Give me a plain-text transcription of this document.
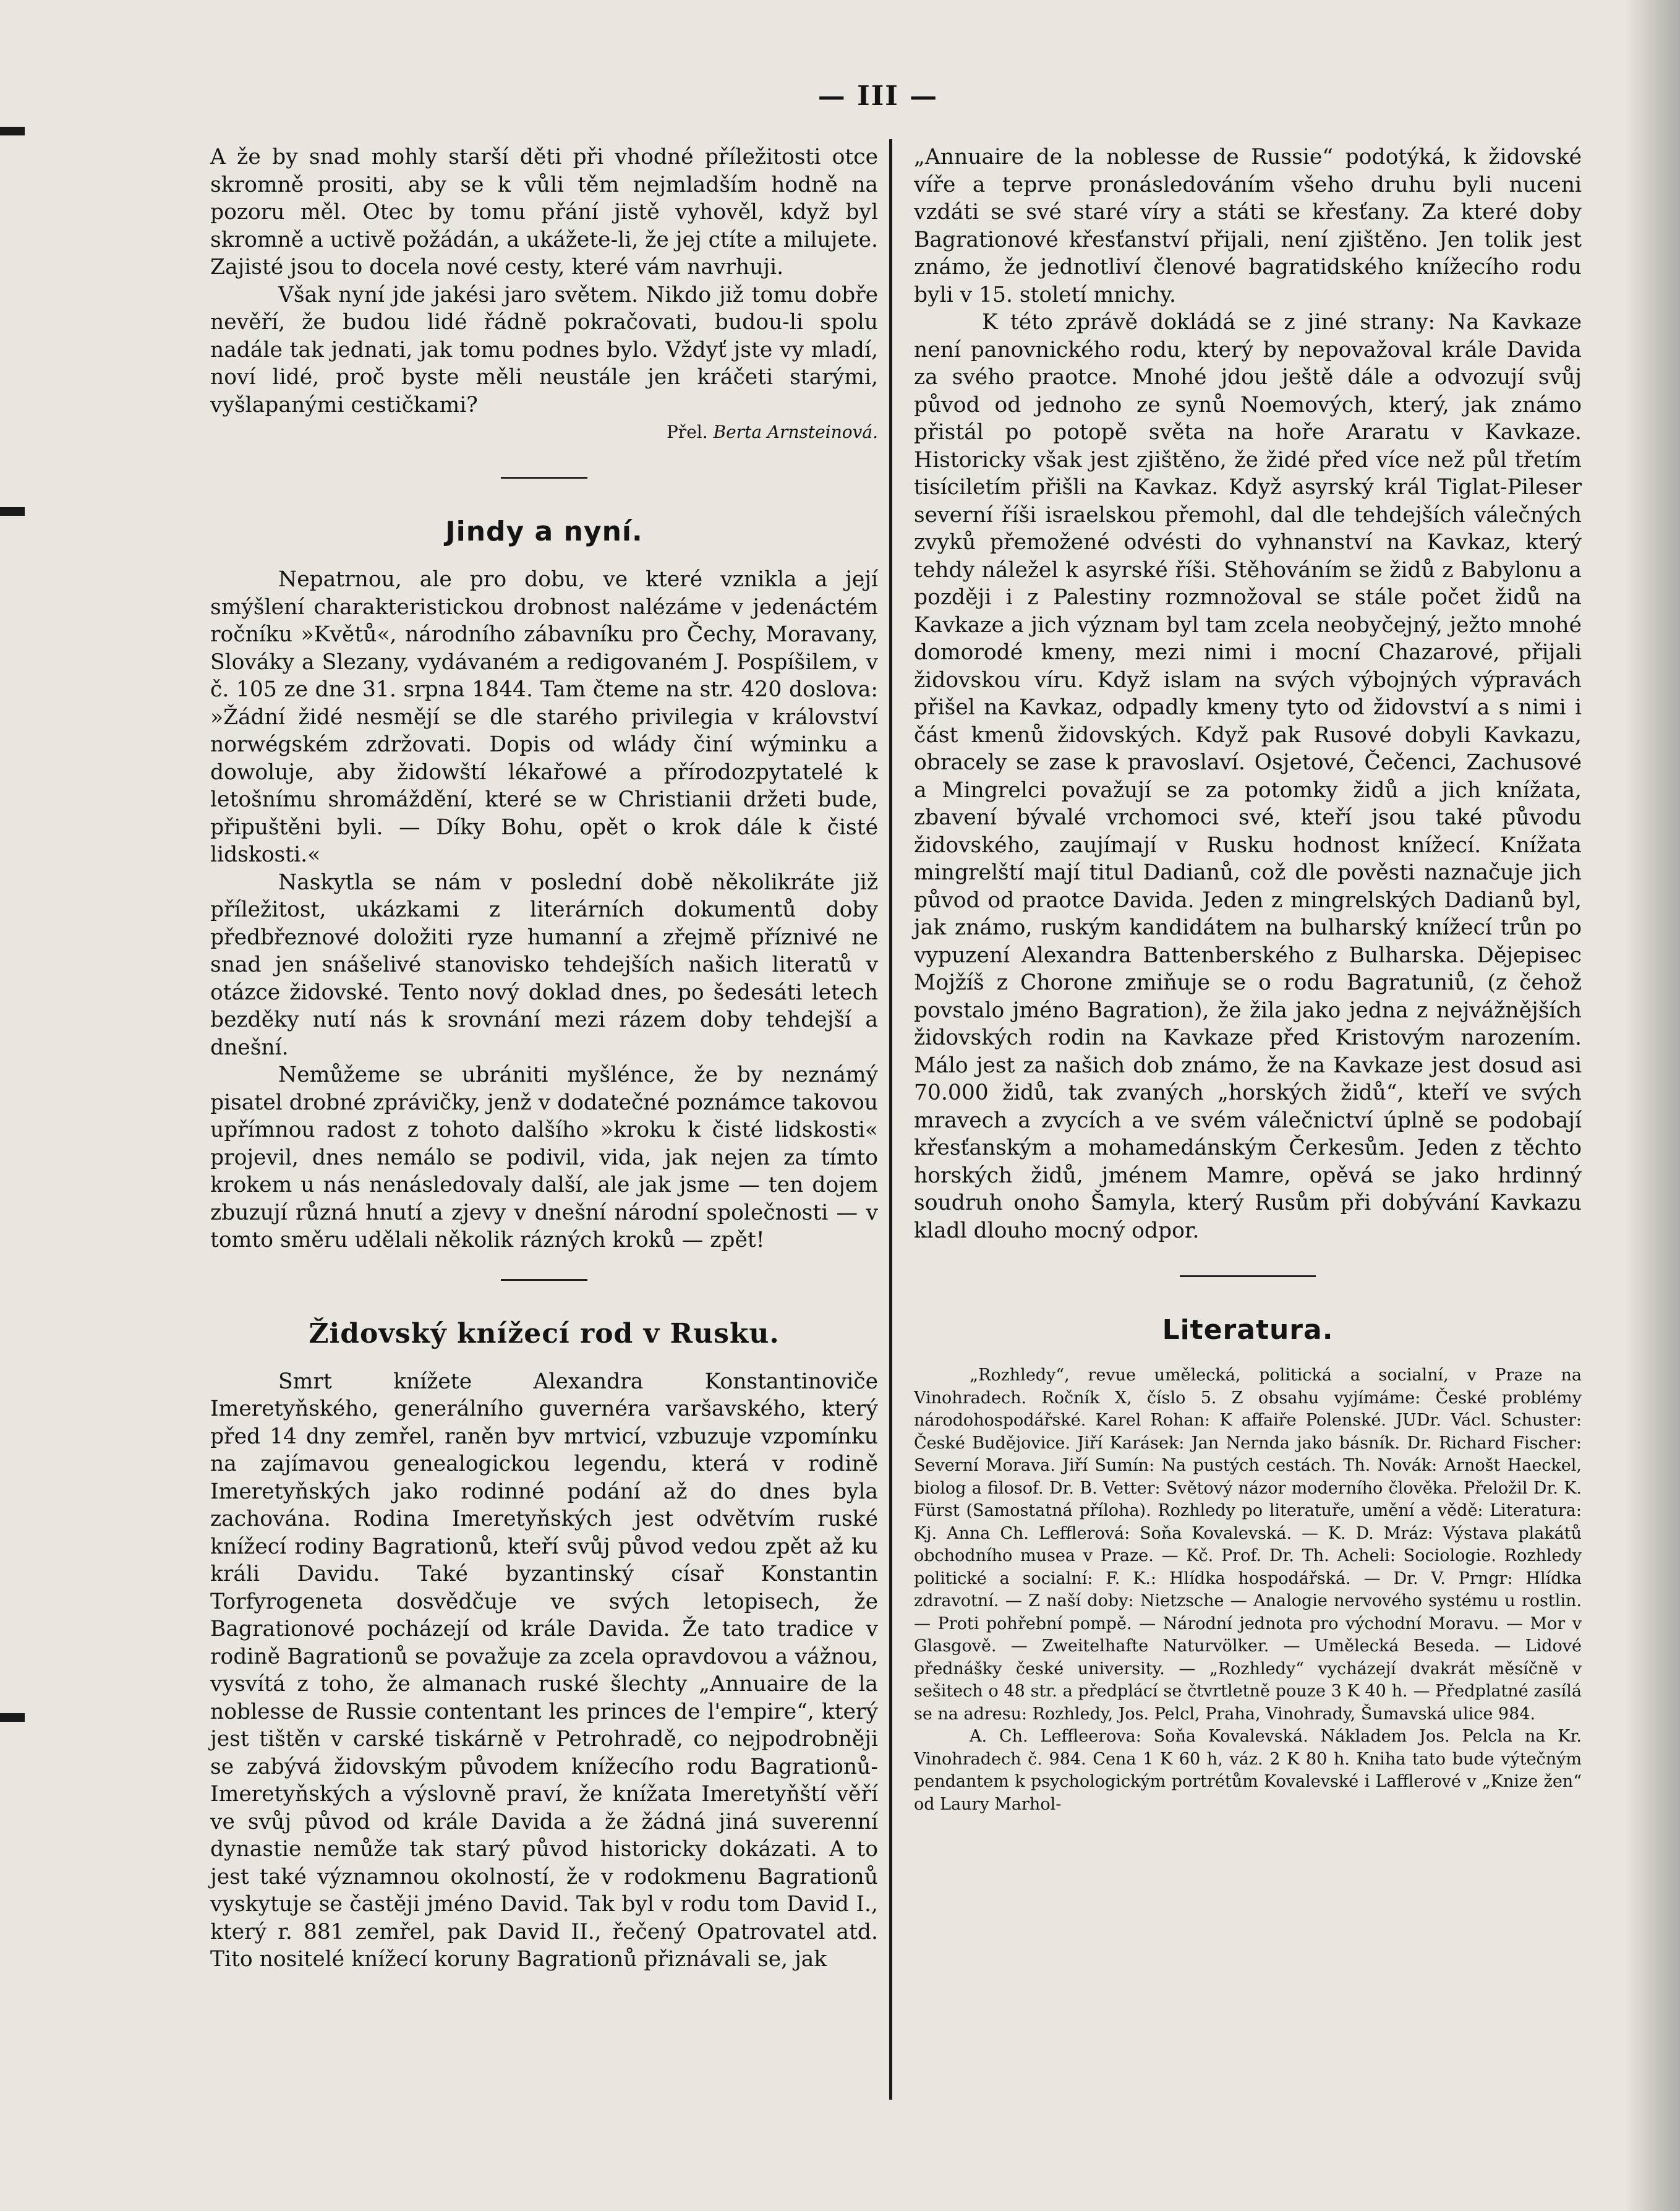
— III —

A že by snad mohly starší děti při vhodné příležitosti otce skromně prositi, aby se k vůli těm nejmladším hodně na pozoru měl. Otec by tomu přání jistě vyhověl, když byl skromně a uctivě požádán, a ukážete-li, že jej ctíte a milujete. Zajisté jsou to docela nové cesty, které vám navrhuji.

Však nyní jde jakési jaro světem. Nikdo již tomu dobře nevěří, že budou lidé řádně pokračovati, budou-li spolu nadále tak jednati, jak tomu podnes bylo. Vždyť jste vy mladí, noví lidé, proč byste měli neustále jen kráčeti starými, vyšlapanými cestičkami?

Přel. Berta Arnsteinová.
Jindy a nyní.

Nepatrnou, ale pro dobu, ve které vznikla a její smýšlení charakteristickou drobnost nalézáme v jedenáctém ročníku »Květů«, národního zábavníku pro Čechy, Moravany, Slováky a Slezany, vydávaném a redigovaném J. Pospíšilem, v č. 105 ze dne 31. srpna 1844. Tam čteme na str. 420 doslova: »Žádní židé nesmějí se dle starého privilegia v království norwégském zdržovati. Dopis od wlády činí wýminku a dowoluje, aby židowští lékařowé a přírodozpytatelé k letošnímu shromáždění, které se w Christianii držeti bude, připuštěni byli. — Díky Bohu, opět o krok dále k čisté lidskosti.«

Naskytla se nám v poslední době několikráte již příležitost, ukázkami z literárních dokumentů doby předbřeznové doložiti ryze humanní a zřejmě příznivé ne snad jen snášelivé stanovisko tehdejších našich literatů v otázce židovské. Tento nový doklad dnes, po šedesáti letech bezděky nutí nás k srovnání mezi rázem doby tehdejší a dnešní.

Nemůžeme se ubrániti myšlénce, že by neznámý pisatel drobné zprávičky, jenž v dodatečné poznámce takovou upřímnou radost z tohoto dalšího »kroku k čisté lidskosti« projevil, dnes nemálo se podivil, vida, jak nejen za tímto krokem u nás nenásledovaly další, ale jak jsme — ten dojem zbuzují různá hnutí a zjevy v dnešní národní společnosti — v tomto směru udělali několik rázných kroků — zpět!

Židovský knížecí rod v Rusku.

Smrt knížete Alexandra Konstantinoviče Imeretyňského, generálního guvernéra varšavského, který před 14 dny zemřel, raněn byv mrtvicí, vzbuzuje vzpomínku na zajímavou genealogickou legendu, která v rodině Imeretyňských jako rodinné podání až do dnes byla zachována. Rodina Imeretyňských jest odvětvím ruské knížecí rodiny Bagrationů, kteří svůj původ vedou zpět až ku králi Davidu. Také byzantinský císař Konstantin Torfyrogeneta dosvědčuje ve svých letopisech, že Bagrationové pocházejí od krále Davida. Že tato tradice v rodině Bagrationů se považuje za zcela opravdovou a vážnou, vysvítá z toho, že almanach ruské šlechty „Annuaire de la noblesse de Russie contentant les princes de l'empire“, který jest tištěn v carské tiskárně v Petrohradě, co nejpodrobněji se zabývá židovským původem knížecího rodu Bagrationů-Imeretyňských a výslovně praví, že knížata Imeretyňští věří ve svůj původ od krále Davida a že žádná jiná suverenní dynastie nemůže tak starý původ historicky dokázati. A to jest také významnou okolností, že v rodokmenu Bagrationů vyskytuje se častěji jméno David. Tak byl v rodu tom David I., který r. 881 zemřel, pak David II., řečený Opatrovatel atd. Tito nositelé knížecí koruny Bagrationů přiznávali se, jak

„Annuaire de la noblesse de Russie“ podotýká, k židovské víře a teprve pronásledováním všeho druhu byli nuceni vzdáti se své staré víry a státi se křesťany. Za které doby Bagrationové křesťanství přijali, není zjištěno. Jen tolik jest známo, že jednotliví členové bagratidského knížecího rodu byli v 15. století mnichy.

K této zprávě dokládá se z jiné strany: Na Kavkaze není panovnického rodu, který by nepovažoval krále Davida za svého praotce. Mnohé jdou ještě dále a odvozují svůj původ od jednoho ze synů Noemových, který, jak známo přistál po potopě světa na hoře Araratu v Kavkaze. Historicky však jest zjištěno, že židé před více než půl třetím tisíciletím přišli na Kavkaz. Když asyrský král Tiglat-Pileser severní říši israelskou přemohl, dal dle tehdejších válečných zvyků přemožené odvésti do vyhnanství na Kavkaz, který tehdy náležel k asyrské říši. Stěhováním se židů z Babylonu a později i z Palestiny rozmnožoval se stále počet židů na Kavkaze a jich význam byl tam zcela neobyčejný, ježto mnohé domorodé kmeny, mezi nimi i mocní Chazarové, přijali židovskou víru. Když islam na svých výbojných výpravách přišel na Kavkaz, odpadly kmeny tyto od židovství a s nimi i část kmenů židovských. Když pak Rusové dobyli Kavkazu, obracely se zase k pravoslaví. Osjetové, Čečenci, Zachusové a Mingrelci považují se za potomky židů a jich knížata, zbavení bývalé vrchomoci své, kteří jsou také původu židovského, zaujímají v Rusku hodnost knížecí. Knížata mingrelští mají titul Dadianů, což dle pověsti naznačuje jich původ od praotce Davida. Jeden z mingrelských Dadianů byl, jak známo, ruským kandidátem na bulharský knížecí trůn po vypuzení Alexandra Battenberského z Bulharska. Dějepisec Mojžíš z Chorone zmiňuje se o rodu Bagratuniů, (z čehož povstalo jméno Bagration), že žila jako jedna z nejvážnějších židovských rodin na Kavkaze před Kristovým narozením. Málo jest za našich dob známo, že na Kavkaze jest dosud asi 70.000 židů, tak zvaných „horských židů“, kteří ve svých mravech a zvycích a ve svém válečnictví úplně se podobají křesťanským a mohamedánským Čerkesům. Jeden z těchto horských židů, jménem Mamre, opěvá se jako hrdinný soudruh onoho Šamyla, který Rusům při dobývání Kavkazu kladl dlouho mocný odpor.

Literatura.

„Rozhledy“, revue umělecká, politická a socialní, v Praze na Vinohradech. Ročník X, číslo 5. Z obsahu vyjímáme: České problémy národohospodářské. Karel Rohan: K affaiře Polenské. JUDr. Václ. Schuster: České Budějovice. Jiří Karásek: Jan Nernda jako básník. Dr. Richard Fischer: Severní Morava. Jiří Sumín: Na pustých cestách. Th. Novák: Arnošt Haeckel, biolog a filosof. Dr. B. Vetter: Světový názor moderního člověka. Přeložil Dr. K. Fürst (Samostatná příloha). Rozhledy po literatuře, umění a vědě: Literatura: Kj. Anna Ch. Lefflerová: Soňa Kovalevská. — K. D. Mráz: Výstava plakátů obchodního musea v Praze. — Kč. Prof. Dr. Th. Acheli: Sociologie. Rozhledy politické a socialní: F. K.: Hlídka hospodářská. — Dr. V. Prngr: Hlídka zdravotní. — Z naší doby: Nietzsche — Analogie nervového systému u rostlin. — Proti pohřební pompě. — Národní jednota pro východní Moravu. — Mor v Glasgově. — Zweitelhafte Naturvölker. — Umělecká Beseda. — Lidové přednášky české university. — „Rozhledy“ vycházejí dvakrát měsíčně v sešitech o 48 str. a předplácí se čtvrtletně pouze 3 K 40 h. — Předplatné zasílá se na adresu: Rozhledy, Jos. Pelcl, Praha, Vinohrady, Šumavská ulice 984.

A. Ch. Leffleerova: Soňa Kovalevská. Nákladem Jos. Pelcla na Kr. Vinohradech č. 984. Cena 1 K 60 h, váz. 2 K 80 h. Kniha tato bude výtečným pendantem k psychologickým portrétům Kovalevské i Lafflerové v „Knize žen“ od Laury Marhol-
